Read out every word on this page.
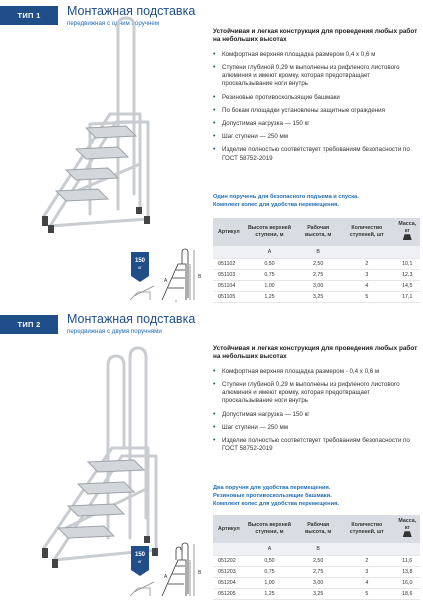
ТИП 1	Монтажная подставка
передвижная с одним поручнем
Устойчивая и легкая конструкция для проведения любых работ на небольших высотах
• Комфортная верхняя площадка размером 0,4 х 0,6 м
• Ступени глубиной 0,29 м выполнены из рифленого листового алюминия и имеют кромку, которая предотвращает проскальзывание ноги внутрь
• Резиновые противоскользящие башмаки
• По бокам площадки установлены защитные ограждения
• Допустимая нагрузка — 150 кг
• Шаг ступени — 250 мм
• Изделие полностью соответствует требованиям безопасности по ГОСТ 58752-2019
Один поручень для безопасного подъема и спуска.
Комплект колес для удобства перемещения.
Артикул	Высота верхней ступени, м	Рабочая высота, м	Количество ступеней, шт	Масса, кг

	А	В		
051102	0,50	2,50	2	10,1
051103	0,75	2,75	3	12,3
051104	1,00	3,00	4	14,5
051105	1,25	3,25	5	17,1
150
кг
А
В
ТИП 2	Монтажная подставка
передвижная с двумя поручнями
Устойчивая и легкая конструкция для проведения любых работ на небольших высотах
• Комфортная верхняя площадка размером - 0,4 х 0,6 м
• Ступени глубиной 0,29 м выполнены из рифленого листового алюминия и имеют кромку, которая предотвращает проскальзывание ноги внутрь
• Допустимая нагрузка — 150 кг
• Шаг ступени — 250 мм
• Изделие полностью соответствует требованиям безопасности по ГОСТ 58752-2019
Два поручня для удобства перемещения.
Резиновые противоскользящие башмаки.
Комплект колес для удобства перемещения.
Артикул	Высота верхней ступени, м	Рабочая высота, м	Количество ступеней, шт	Масса, кг

	А	В		
051202	0,50	2,50	2	11,6
051203	0,75	2,75	3	13,8
051204	1,00	3,00	4	16,0
051205	1,25	3,25	5	18,6
150
кг
А
В
